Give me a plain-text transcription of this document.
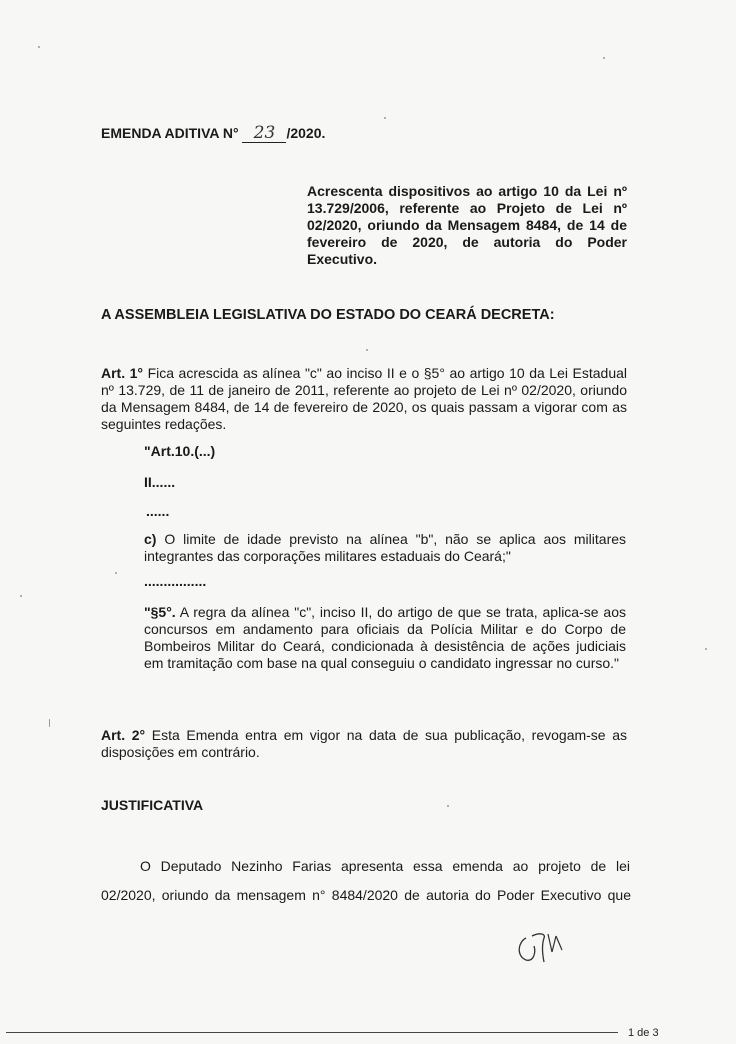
EMENDA ADITIVA N° 23 /2020.
Acrescenta dispositivos ao artigo 10 da Lei nº 13.729/2006, referente ao Projeto de Lei nº 02/2020, oriundo da Mensagem 8484, de 14 de fevereiro de 2020, de autoria do Poder Executivo.
A ASSEMBLEIA LEGISLATIVA DO ESTADO DO CEARÁ DECRETA:
Art. 1° Fica acrescida as alínea "c" ao inciso II e o §5° ao artigo 10 da Lei Estadual nº 13.729, de 11 de janeiro de 2011, referente ao projeto de Lei nº 02/2020, oriundo da Mensagem 8484, de 14 de fevereiro de 2020, os quais passam a vigorar com as seguintes redações.
"Art.10.(...)
II......
......
c) O limite de idade previsto na alínea "b", não se aplica aos militares integrantes das corporações militares estaduais do Ceará;"
................
"§5°. A regra da alínea "c", inciso II, do artigo de que se trata, aplica-se aos concursos em andamento para oficiais da Polícia Militar e do Corpo de Bombeiros Militar do Ceará, condicionada à desistência de ações judiciais em tramitação com base na qual conseguiu o candidato ingressar no curso."
Art. 2° Esta Emenda entra em vigor na data de sua publicação, revogam-se as disposições em contrário.
JUSTIFICATIVA
O Deputado Nezinho Farias apresenta essa emenda ao projeto de lei
02/2020, oriundo da mensagem n° 8484/2020 de autoria do Poder Executivo que
1 de 3
